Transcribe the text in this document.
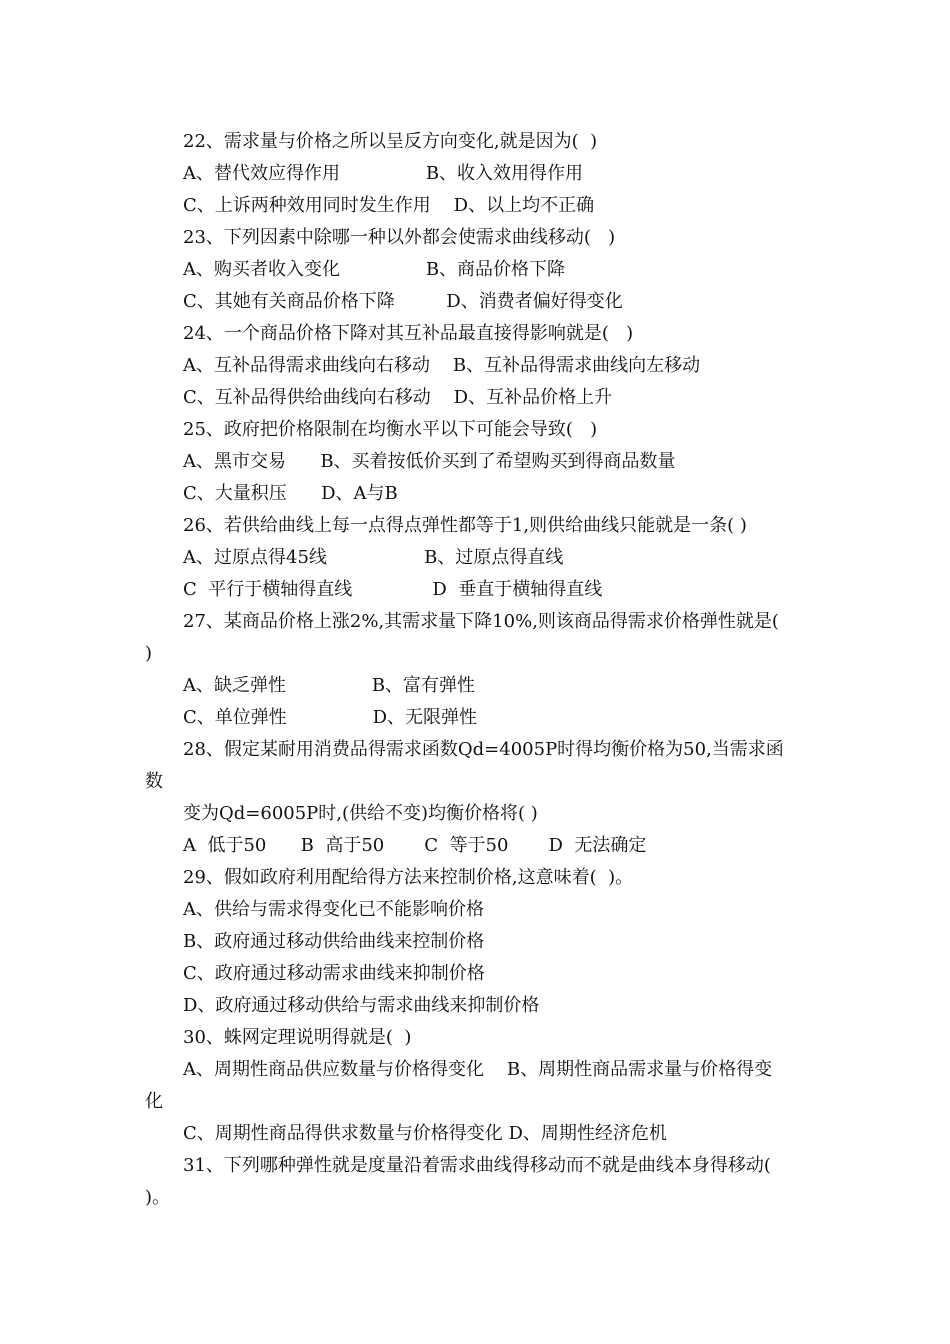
22、需求量与价格之所以呈反方向变化,就是因为(  )
A、替代效应得作用               B、收入效用得作用
C、上诉两种效用同时发生作用    D、以上均不正确
23、下列因素中除哪一种以外都会使需求曲线移动(   )
A、购买者收入变化               B、商品价格下降
C、其她有关商品价格下降         D、消费者偏好得变化
24、一个商品价格下降对其互补品最直接得影响就是(   )
A、互补品得需求曲线向右移动    B、互补品得需求曲线向左移动
C、互补品得供给曲线向右移动    D、互补品价格上升
25、政府把价格限制在均衡水平以下可能会导致(   )
A、黑市交易      B、买着按低价买到了希望购买到得商品数量
C、大量积压      D、A与B
26、若供给曲线上每一点得点弹性都等于1,则供给曲线只能就是一条( )
A、过原点得45线                 B、过原点得直线
C  平行于横轴得直线              D  垂直于横轴得直线
27、某商品价格上涨2%,其需求量下降10%,则该商品得需求价格弹性就是(
)
A、缺乏弹性               B、富有弹性
C、单位弹性               D、无限弹性
28、假定某耐用消费品得需求函数Qd=4005P时得均衡价格为50,当需求函
数
变为Qd=6005P时,(供给不变)均衡价格将( )
A  低于50      B  高于50       C  等于50       D  无法确定
29、假如政府利用配给得方法来控制价格,这意味着(  )。
A、供给与需求得变化已不能影响价格
B、政府通过移动供给曲线来控制价格
C、政府通过移动需求曲线来抑制价格
D、政府通过移动供给与需求曲线来抑制价格
30、蛛网定理说明得就是(  )
A、周期性商品供应数量与价格得变化    B、周期性商品需求量与价格得变
化
C、周期性商品得供求数量与价格得变化 D、周期性经济危机
31、下列哪种弹性就是度量沿着需求曲线得移动而不就是曲线本身得移动(
)。
